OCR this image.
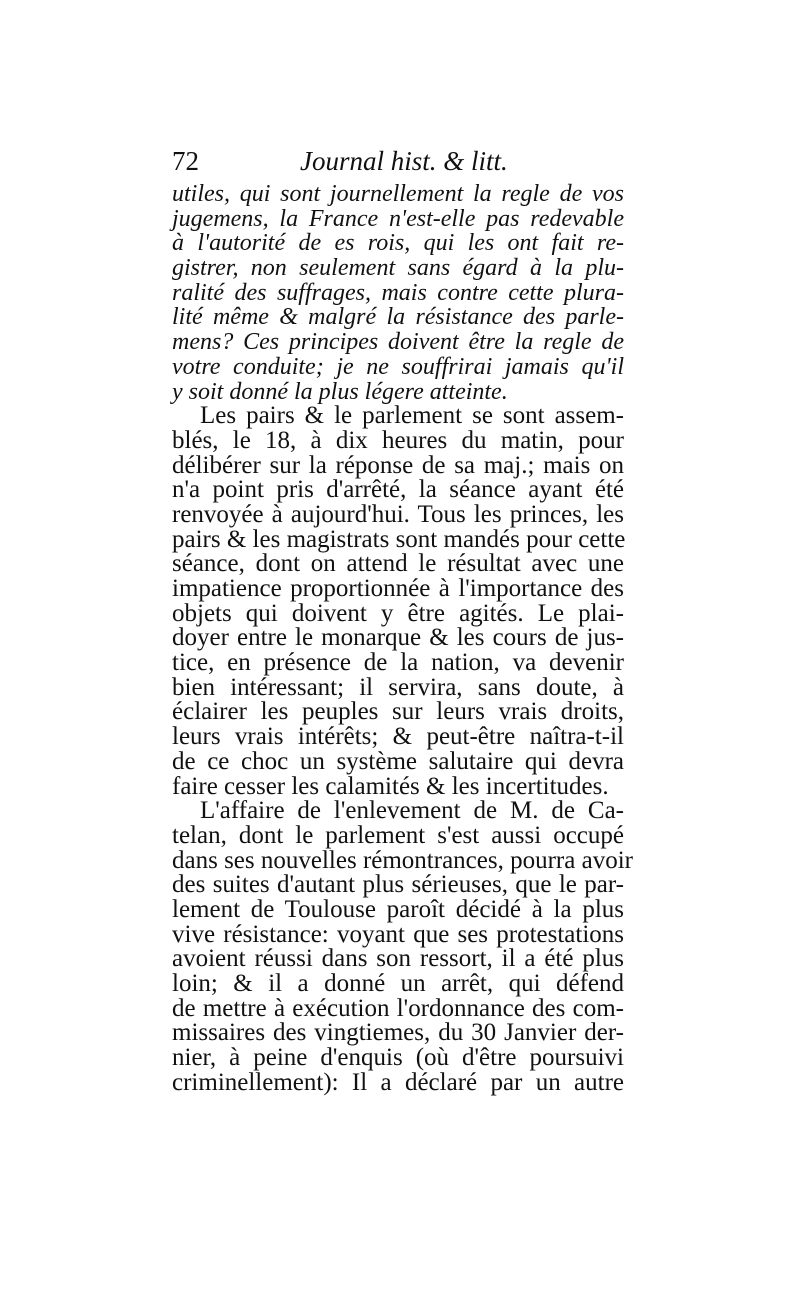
72	Journal hist. & litt.
utiles, qui sont journellement la regle de vos
jugemens, la France n'est-elle pas redevable
à l'autorité de es rois, qui les ont fait re-
gistrer, non seulement sans égard à la plu-
ralité des suffrages, mais contre cette plura-
lité même & malgré la résistance des parle-
mens? Ces principes doivent être la regle de
votre conduite; je ne souffrirai jamais qu'il
y soit donné la plus légere atteinte.
Les pairs & le parlement se sont assem-
blés, le 18, à dix heures du matin, pour
délibérer sur la réponse de sa maj.; mais on
n'a point pris d'arrêté, la séance ayant été
renvoyée à aujourd'hui. Tous les princes, les
pairs & les magistrats sont mandés pour cette
séance, dont on attend le résultat avec une
impatience proportionnée à l'importance des
objets qui doivent y être agités. Le plai-
doyer entre le monarque & les cours de jus-
tice, en présence de la nation, va devenir
bien intéressant; il servira, sans doute, à
éclairer les peuples sur leurs vrais droits,
leurs vrais intérêts; & peut-être naîtra-t-il
de ce choc un système salutaire qui devra
faire cesser les calamités & les incertitudes.
L'affaire de l'enlevement de M. de Ca-
telan, dont le parlement s'est aussi occupé
dans ses nouvelles rémontrances, pourra avoir
des suites d'autant plus sérieuses, que le par-
lement de Toulouse paroît décidé à la plus
vive résistance: voyant que ses protestations
avoient réussi dans son ressort, il a été plus
loin; & il a donné un arrêt, qui défend
de mettre à exécution l'ordonnance des com-
missaires des vingtiemes, du 30 Janvier der-
nier, à peine d'enquis (où d'être poursuivi
criminellement): Il a déclaré par un autre
